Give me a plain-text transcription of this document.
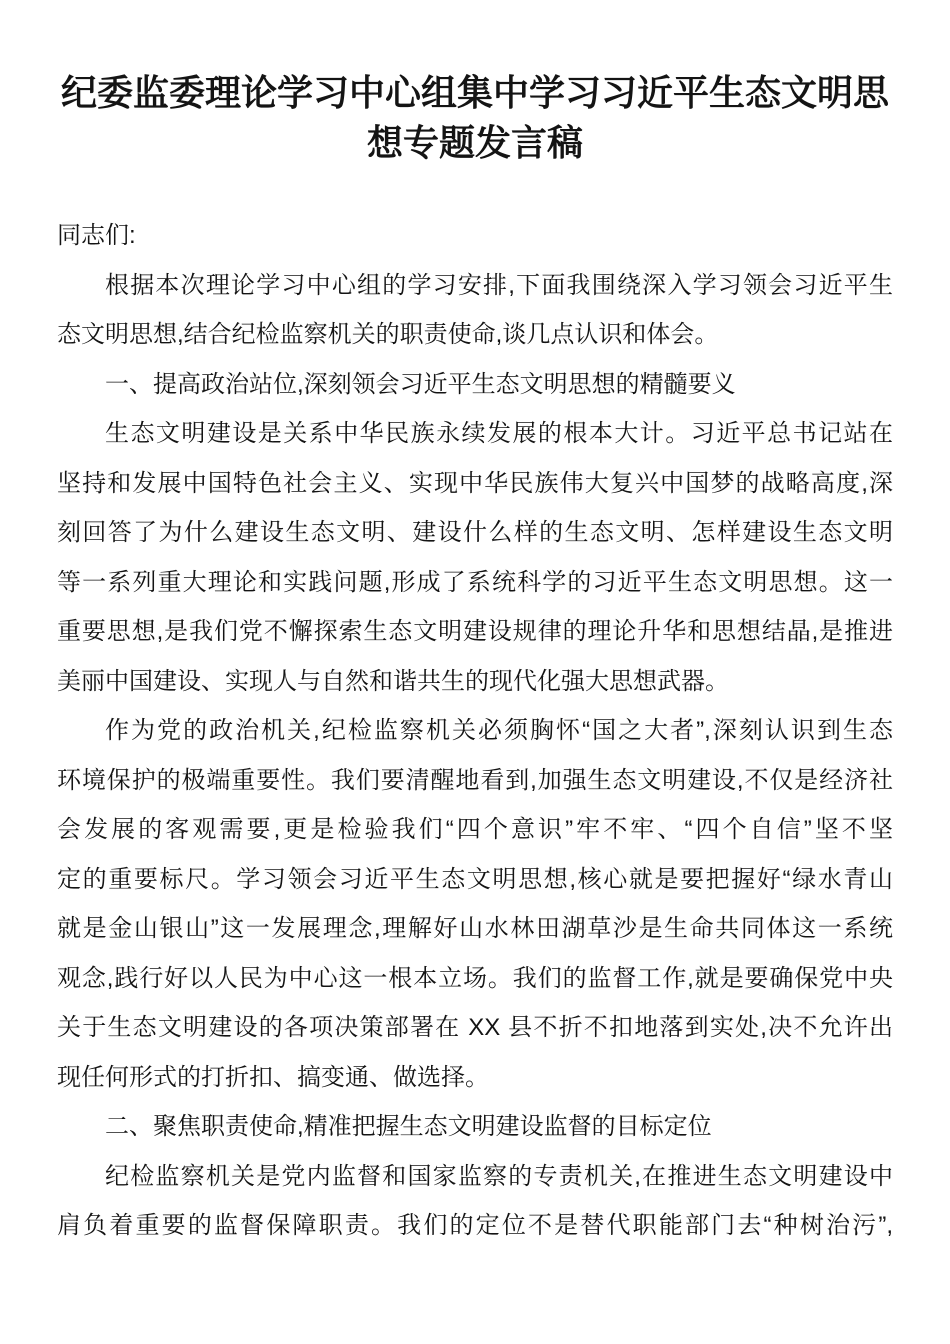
纪委监委理论学习中心组集中学习习近平生态文明思想专题发言稿
同志们:
根据本次理论学习中心组的学习安排,下面我围绕深入学习领会习近平生
态文明思想,结合纪检监察机关的职责使命,谈几点认识和体会。
一、提高政治站位,深刻领会习近平生态文明思想的精髓要义
生态文明建设是关系中华民族永续发展的根本大计。习近平总书记站在
坚持和发展中国特色社会主义、实现中华民族伟大复兴中国梦的战略高度,深
刻回答了为什么建设生态文明、建设什么样的生态文明、怎样建设生态文明
等一系列重大理论和实践问题,形成了系统科学的习近平生态文明思想。这一
重要思想,是我们党不懈探索生态文明建设规律的理论升华和思想结晶,是推进
美丽中国建设、实现人与自然和谐共生的现代化强大思想武器。
作为党的政治机关,纪检监察机关必须胸怀“国之大者”,深刻认识到生态
环境保护的极端重要性。我们要清醒地看到,加强生态文明建设,不仅是经济社
会发展的客观需要,更是检验我们“四个意识”牢不牢、“四个自信”坚不坚
定的重要标尺。学习领会习近平生态文明思想,核心就是要把握好“绿水青山
就是金山银山”这一发展理念,理解好山水林田湖草沙是生命共同体这一系统
观念,践行好以人民为中心这一根本立场。我们的监督工作,就是要确保党中央
关于生态文明建设的各项决策部署在 XX 县不折不扣地落到实处,决不允许出
现任何形式的打折扣、搞变通、做选择。
二、聚焦职责使命,精准把握生态文明建设监督的目标定位
纪检监察机关是党内监督和国家监察的专责机关,在推进生态文明建设中
肩负着重要的监督保障职责。我们的定位不是替代职能部门去“种树治污”,
